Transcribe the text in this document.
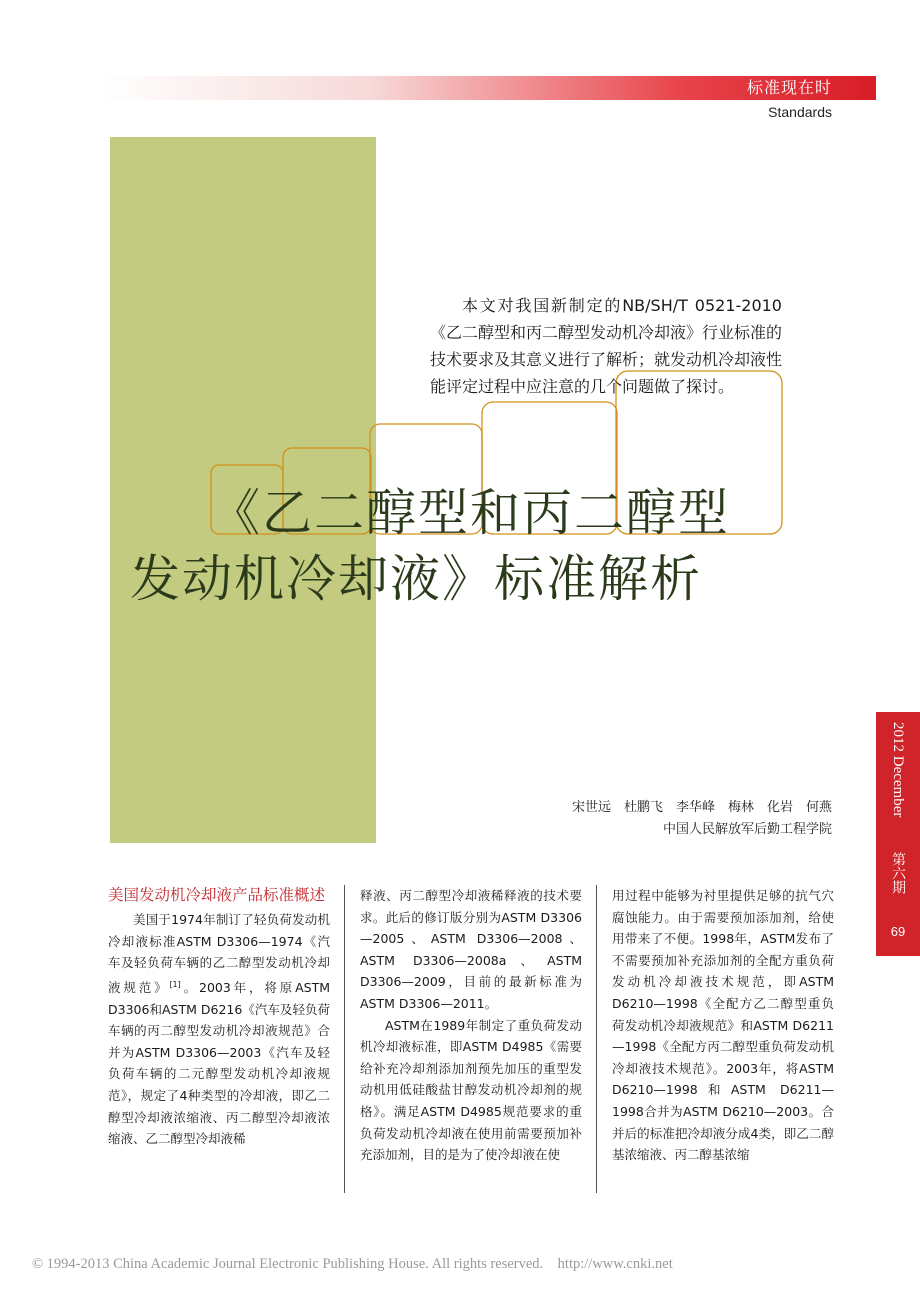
标准现在时
Standards
本文对我国新制定的NB/SH/T 0521-2010《乙二醇型和丙二醇型发动机冷却液》行业标准的技术要求及其意义进行了解析；就发动机冷却液性能评定过程中应注意的几个问题做了探讨。
《乙二醇型和丙二醇型
发动机冷却液》标准解析
宋世远　杜鹏飞　李华峰　梅林　化岩　何燕
中国人民解放军后勤工程学院
2012 December
第六期
69
美国发动机冷却液产品标准概述

美国于1974年制订了轻负荷发动机冷却液标准ASTM D3306—1974《汽车及轻负荷车辆的乙二醇型发动机冷却液规范》[1]。2003年，将原ASTM D3306和ASTM D6216《汽车及轻负荷车辆的丙二醇型发动机冷却液规范》合并为ASTM D3306—2003《汽车及轻负荷车辆的二元醇型发动机冷却液规范》，规定了4种类型的冷却液，即乙二醇型冷却液浓缩液、丙二醇型冷却液浓缩液、乙二醇型冷却液稀

释液、丙二醇型冷却液稀释液的技术要求。此后的修订版分别为ASTM D3306—2005、ASTM D3306—2008、ASTM D3306—2008a、ASTM D3306—2009，目前的最新标准为ASTM D3306—2011。

ASTM在1989年制定了重负荷发动机冷却液标准，即ASTM D4985《需要给补充冷却剂添加剂预先加压的重型发动机用低硅酸盐甘醇发动机冷却剂的规格》。满足ASTM D4985规范要求的重负荷发动机冷却液在使用前需要预加补充添加剂，目的是为了使冷却液在使

用过程中能够为衬里提供足够的抗气穴腐蚀能力。由于需要预加添加剂，给使用带来了不便。1998年，ASTM发布了不需要预加补充添加剂的全配方重负荷发动机冷却液技术规范，即ASTM D6210—1998《全配方乙二醇型重负荷发动机冷却液规范》和ASTM D6211—1998《全配方丙二醇型重负荷发动机冷却液技术规范》。2003年，将ASTM D6210—1998和ASTM D6211—1998合并为ASTM D6210—2003。合并后的标准把冷却液分成4类，即乙二醇基浓缩液、丙二醇基浓缩

© 1994-2013 China Academic Journal Electronic Publishing House. All rights reserved.    http://www.cnki.net
